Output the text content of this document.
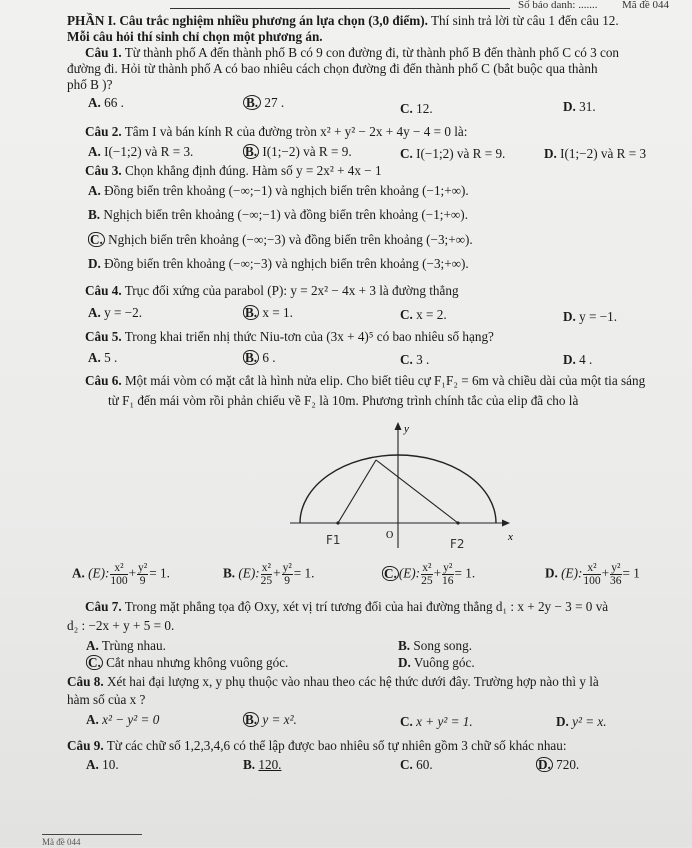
Số báo danh: ....... Mã đề 044
PHẦN I. Câu trắc nghiệm nhiều phương án lựa chọn (3,0 điểm). Thí sinh trả lời từ câu 1 đến câu 12.
Mỗi câu hỏi thí sinh chỉ chọn một phương án.
Câu 1. Từ thành phố A đến thành phố B có 9 con đường đi, từ thành phố B đến thành phố C có 3 con
đường đi. Hỏi từ thành phố A có bao nhiêu cách chọn đường đi đến thành phố C (bắt buộc qua thành
phố B )?
A. 66 .	B. 27 .	C. 12.	D. 31.
Câu 2. Tâm I và bán kính R của đường tròn x² + y² − 2x + 4y − 4 = 0 là:
A. I(−1;2) và R = 3.	B. I(1;−2) và R = 9.	C. I(−1;2) và R = 9.	D. I(1;−2) và R = 3
Câu 3. Chọn khẳng định đúng. Hàm số y = 2x² + 4x − 1
A. Đồng biến trên khoảng (−∞;−1) và nghịch biến trên khoảng (−1;+∞).
B. Nghịch biến trên khoảng (−∞;−1) và đồng biến trên khoảng (−1;+∞).
C. Nghịch biến trên khoảng (−∞;−3) và đồng biến trên khoảng (−3;+∞).
D. Đồng biến trên khoảng (−∞;−3) và nghịch biến trên khoảng (−3;+∞).
Câu 4. Trục đối xứng của parabol (P): y = 2x² − 4x + 3 là đường thẳng
A. y = −2.	B. x = 1.	C. x = 2.	D. y = −1.
Câu 5. Trong khai triển nhị thức Niu-tơn của (3x + 4)⁵ có bao nhiêu số hạng?
A. 5 .	B. 6 .	C. 3 .	D. 4 .
Câu 6. Một mái vòm có mặt cắt là hình nửa elip. Cho biết tiêu cự F₁F₂ = 6m và chiều dài của một tia sáng
từ F₁ đến mái vòm rồi phản chiếu về F₂ là 10m. Phương trình chính tắc của elip đã cho là
y
x
O
F1	F2
A. (E): $\frac{\text{x²}}{100} + \frac{\text{y²}}{9} = 1$.	B. (E): $\frac{\text{x²}}{25} + \frac{\text{y²}}{9} = 1$.	C. (E): $\frac{\text{x²}}{25} + \frac{\text{y²}}{16} = 1$.	D. (E): $\frac{\text{x²}}{100} + \frac{\text{y²}}{36} = 1$
Câu 7. Trong mặt phẳng tọa độ Oxy, xét vị trí tương đối của hai đường thẳng d₁ : x + 2y − 3 = 0 và
d₂ : −2x + y + 5 = 0.
A. Trùng nhau.	B. Song song.
C. Cắt nhau nhưng không vuông góc.	D. Vuông góc.
Câu 8. Xét hai đại lượng x, y phụ thuộc vào nhau theo các hệ thức dưới đây. Trường hợp nào thì y là
hàm số của x ?
A. x² − y² = 0	B. y = x².	C. x + y² = 1.	D. y² = x.
Câu 9. Từ các chữ số 1,2,3,4,6 có thể lập được bao nhiêu số tự nhiên gồm 3 chữ số khác nhau:
A. 10.	B. 120.	C. 60.	D. 720.
Mã đề 044
